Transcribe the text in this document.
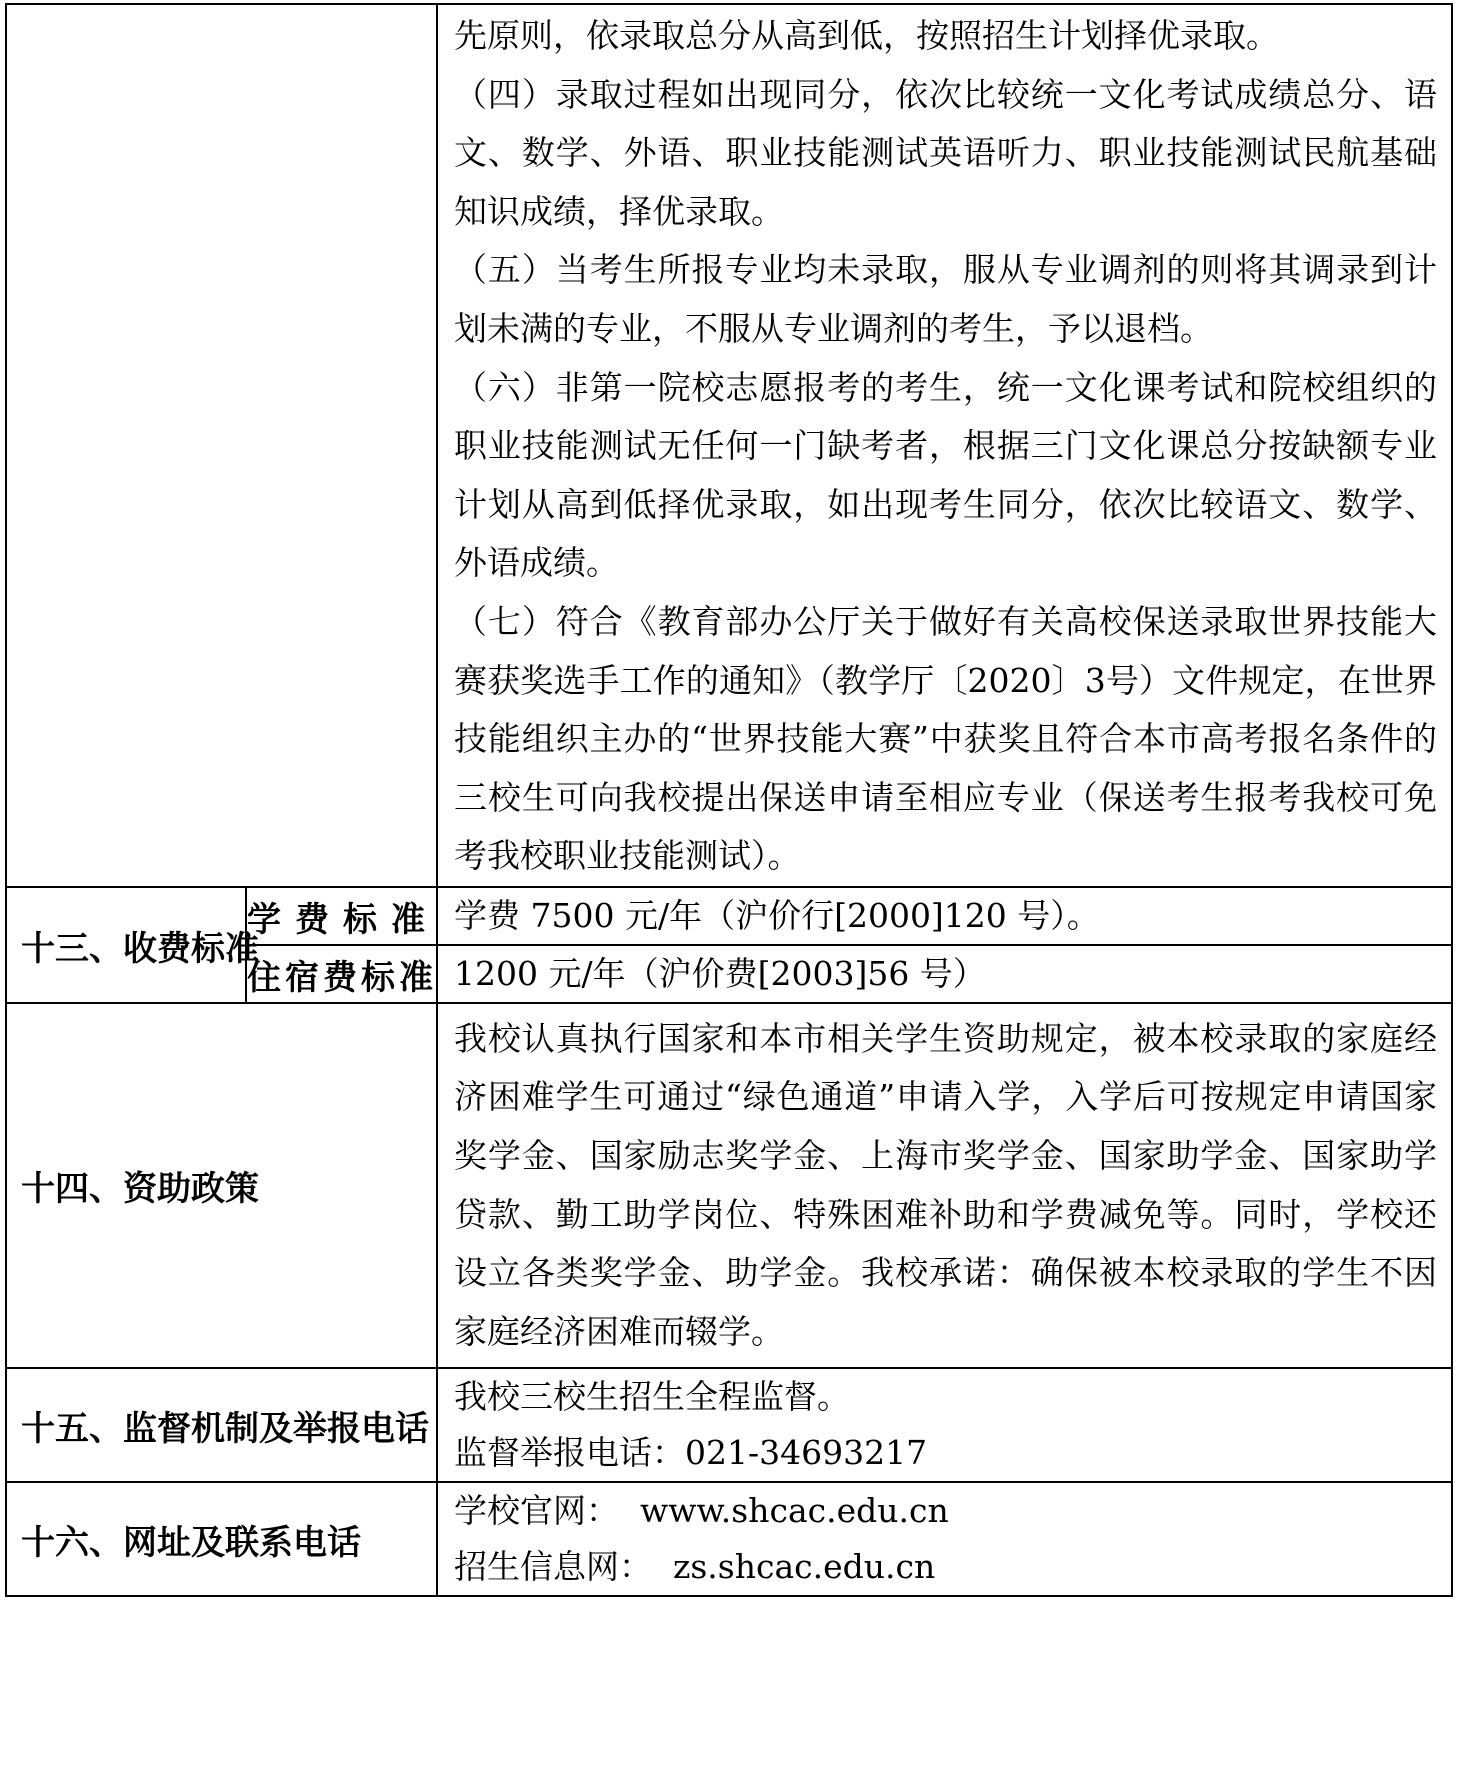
		先原则，依录取总分从高到低，按照招生计划择优录取。

（四）录取过程如出现同分，依次比较统一文化考试成绩总分、语文、数学、外语、职业技能测试英语听力、职业技能测试民航基础知识成绩，择优录取。

（五）当考生所报专业均未录取，服从专业调剂的则将其调录到计划未满的专业，不服从专业调剂的考生，予以退档。

（六）非第一院校志愿报考的考生，统一文化课考试和院校组织的职业技能测试无任何一门缺考者，根据三门文化课总分按缺额专业计划从高到低择优录取，如出现考生同分，依次比较语文、数学、外语成绩。

（七）符合《教育部办公厅关于做好有关高校保送录取世界技能大赛获奖选手工作的通知》（教学厅〔2020〕3号）文件规定，在世界技能组织主办的“世界技能大赛”中获奖且符合本市高考报名条件的三校生可向我校提出保送申请至相应专业（保送考生报考我校可免考我校职业技能测试）。

十三、收费标准	学费标准	学费 7500 元/年（沪价行[2000]120 号）。
	住宿费标准	1200 元/年（沪价费[2003]56 号）
十四、资助政策		我校认真执行国家和本市相关学生资助规定，被本校录取的家庭经济困难学生可通过“绿色通道”申请入学，入学后可按规定申请国家奖学金、国家励志奖学金、上海市奖学金、国家助学金、国家助学贷款、勤工助学岗位、特殊困难补助和学费减免等。同时，学校还设立各类奖学金、助学金。我校承诺：确保被本校录取的学生不因家庭经济困难而辍学。
十五、监督机制及举报电话		我校三校生招生全程监督。
监督举报电话：021-34693217

十六、网址及联系电话		学校官网：  www.shcac.edu.cn
招生信息网：  zs.shcac.edu.cn
